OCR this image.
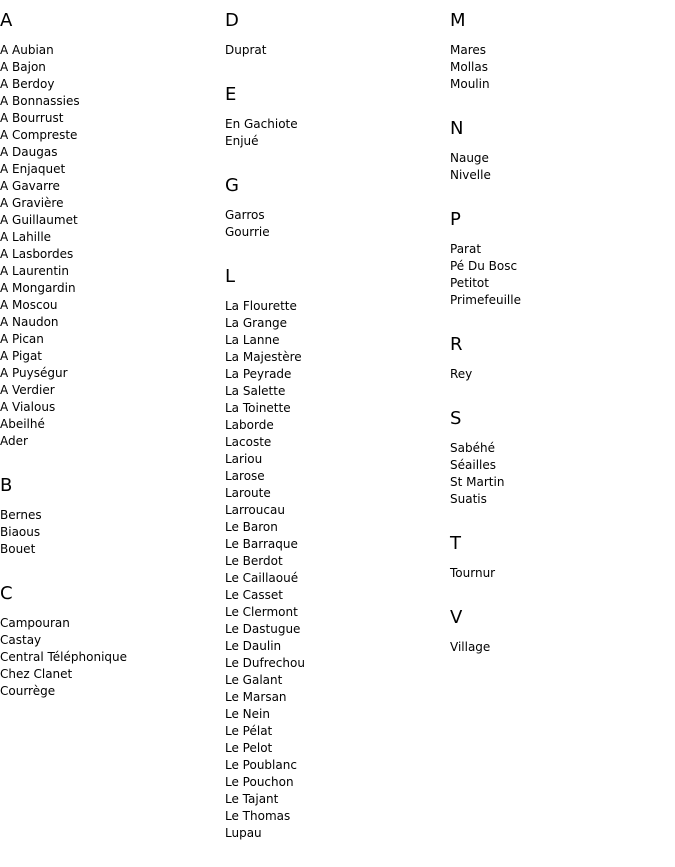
A
A Aubian
A Bajon
A Berdoy
A Bonnassies
A Bourrust
A Compreste
A Daugas
A Enjaquet
A Gavarre
A Gravière
A Guillaumet
A Lahille
A Lasbordes
A Laurentin
A Mongardin
A Moscou
A Naudon
A Pican
A Pigat
A Puységur
A Verdier
A Vialous
Abeilhé
Ader
B
Bernes
Biaous
Bouet
C
Campouran
Castay
Central Téléphonique
Chez Clanet
Courrège
D
Duprat
E
En Gachiote
Enjué
G
Garros
Gourrie
L
La Flourette
La Grange
La Lanne
La Majestère
La Peyrade
La Salette
La Toinette
Laborde
Lacoste
Lariou
Larose
Laroute
Larroucau
Le Baron
Le Barraque
Le Berdot
Le Caillaoué
Le Casset
Le Clermont
Le Dastugue
Le Daulin
Le Dufrechou
Le Galant
Le Marsan
Le Nein
Le Pélat
Le Pelot
Le Poublanc
Le Pouchon
Le Tajant
Le Thomas
Lupau
M
Mares
Mollas
Moulin
N
Nauge
Nivelle
P
Parat
Pé Du Bosc
Petitot
Primefeuille
R
Rey
S
Sabéhé
Séailles
St Martin
Suatis
T
Tournur
V
Village
